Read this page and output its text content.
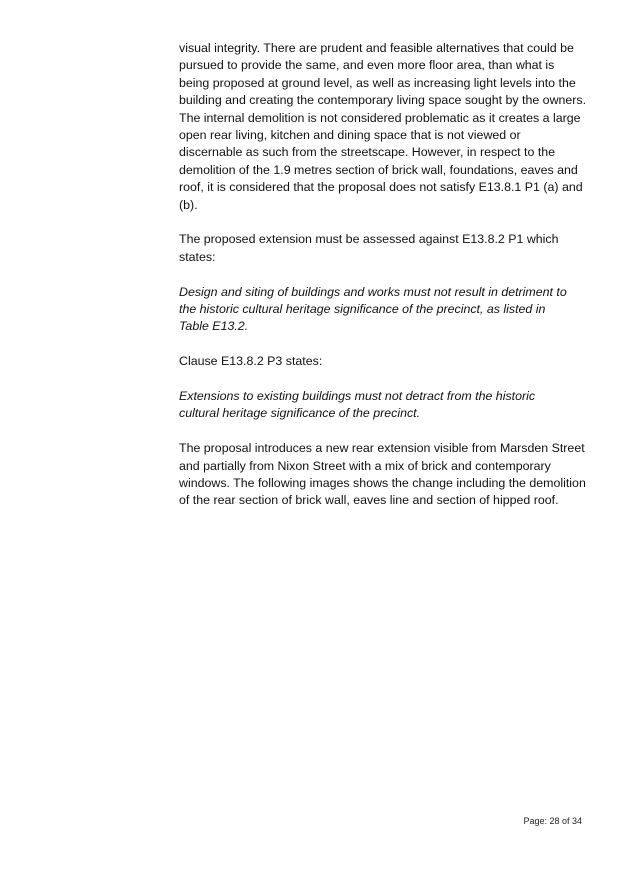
visual integrity. There are prudent and feasible alternatives that could be
pursued to provide the same, and even more floor area, than what is
being proposed at ground level, as well as increasing light levels into the
building and creating the contemporary living space sought by the owners.
The internal demolition is not considered problematic as it creates a large
open rear living, kitchen and dining space that is not viewed or
discernable as such from the streetscape. However, in respect to the
demolition of the 1.9 metres section of brick wall, foundations, eaves and
roof, it is considered that the proposal does not satisfy E13.8.1 P1 (a) and
(b).

The proposed extension must be assessed against E13.8.2 P1 which
states:

Design and siting of buildings and works must not result in detriment to
the historic cultural heritage significance of the precinct, as listed in
Table E13.2.

Clause E13.8.2 P3 states:

Extensions to existing buildings must not detract from the historic
cultural heritage significance of the precinct.

The proposal introduces a new rear extension visible from Marsden Street
and partially from Nixon Street with a mix of brick and contemporary
windows. The following images shows the change including the demolition
of the rear section of brick wall, eaves line and section of hipped roof.

Page: 28 of 34
